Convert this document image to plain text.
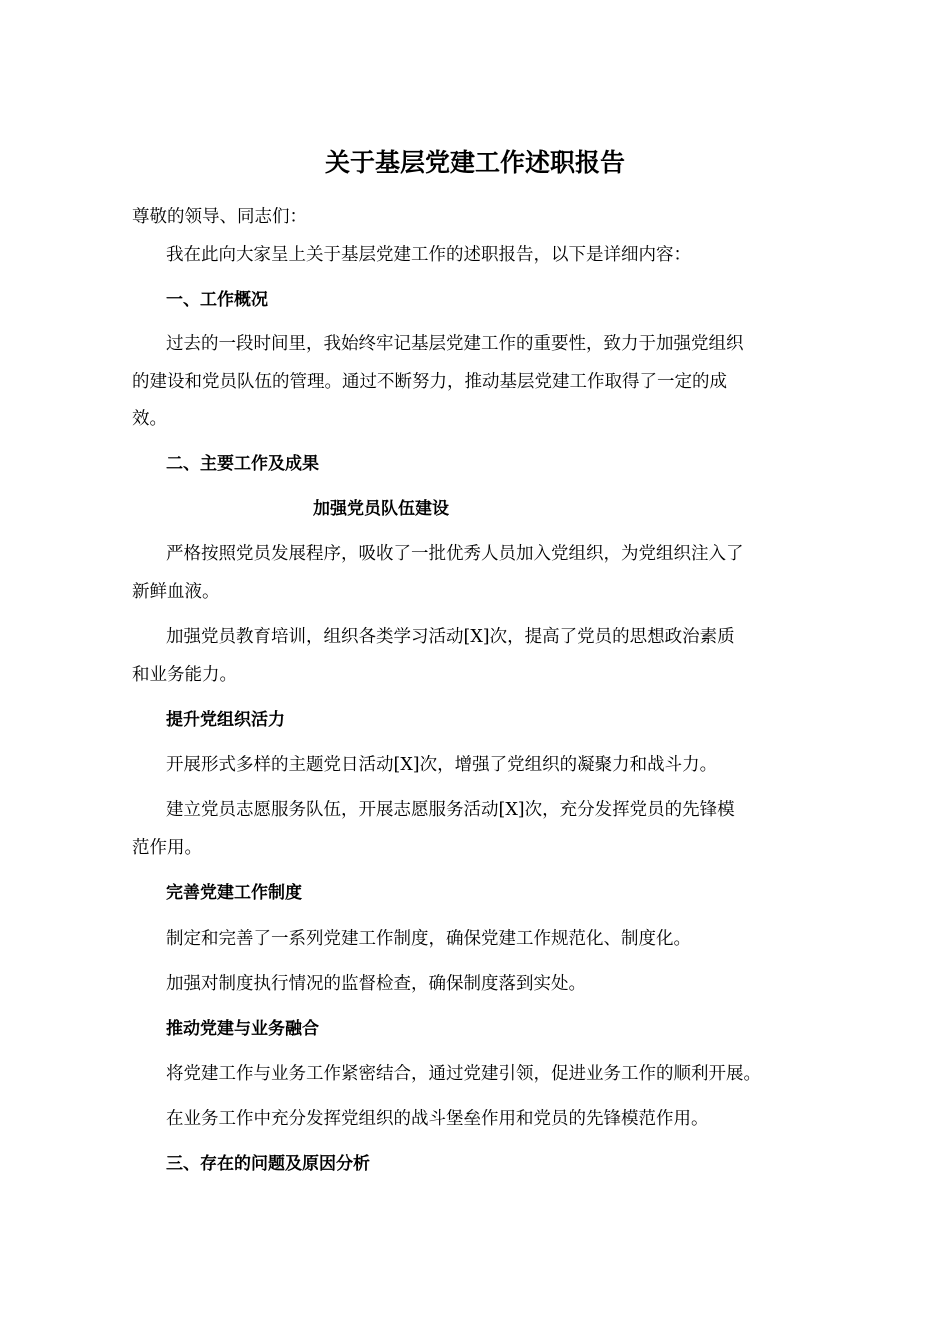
关于基层党建工作述职报告

尊敬的领导、同志们：

我在此向大家呈上关于基层党建工作的述职报告，以下是详细内容：

一、工作概况

过去的一段时间里，我始终牢记基层党建工作的重要性，致力于加强党组织

的建设和党员队伍的管理。通过不断努力，推动基层党建工作取得了一定的成

效。

二、主要工作及成果

加强党员队伍建设

严格按照党员发展程序，吸收了一批优秀人员加入党组织，为党组织注入了

新鲜血液。

加强党员教育培训，组织各类学习活动[X]次，提高了党员的思想政治素质

和业务能力。

提升党组织活力

开展形式多样的主题党日活动[X]次，增强了党组织的凝聚力和战斗力。

建立党员志愿服务队伍，开展志愿服务活动[X]次，充分发挥党员的先锋模

范作用。

完善党建工作制度

制定和完善了一系列党建工作制度，确保党建工作规范化、制度化。

加强对制度执行情况的监督检查，确保制度落到实处。

推动党建与业务融合

将党建工作与业务工作紧密结合，通过党建引领，促进业务工作的顺利开展。

在业务工作中充分发挥党组织的战斗堡垒作用和党员的先锋模范作用。

三、存在的问题及原因分析
